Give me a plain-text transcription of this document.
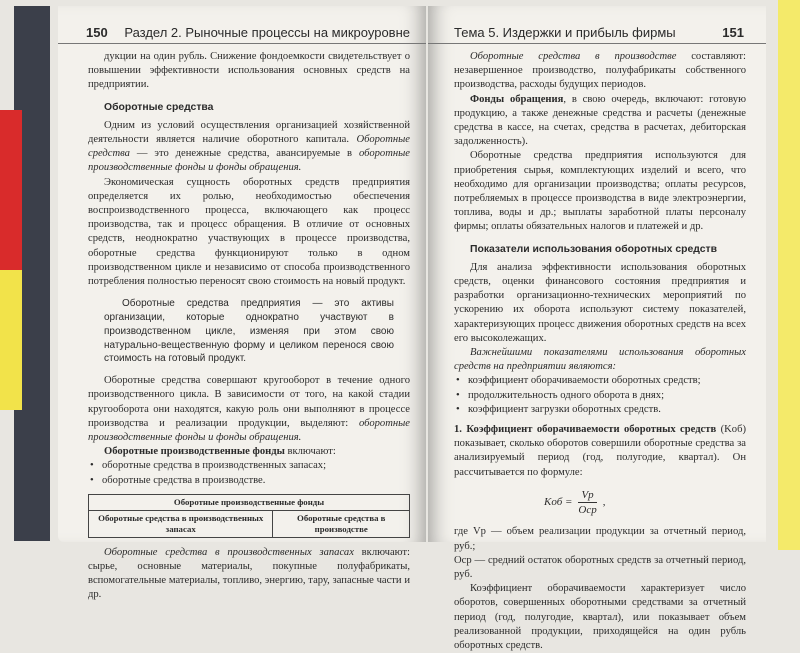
150 Раздел 2. Рыночные процессы на микроуровне

дукции на один рубль. Снижение фондоемкости свидетельствует о повышении эффективности использования основных средств на предприятии.

Оборотные средства

Одним из условий осуществления организацией хозяйственной деятельности является наличие оборотного капитала. Оборотные средства — это денежные средства, авансируемые в оборотные производственные фонды и фонды обращения.

Экономическая сущность оборотных средств предприятия определяется их ролью, необходимостью обеспечения воспроизводственного процесса, включающего как процесс производства, так и процесс обращения. В отличие от основных средств, неоднократно участвующих в процессе производства, оборотные средства функционируют только в одном производственном цикле и независимо от способа производственного потребления полностью переносят свою стоимость на новый продукт.

Оборотные средства предприятия — это активы организации, которые однократно участвуют в производственном цикле, изменяя при этом свою натурально-вещественную форму и целиком перенося свою стоимость на готовый продукт.

Оборотные средства совершают кругооборот в течение одного производственного цикла. В зависимости от того, на какой стадии кругооборота они находятся, какую роль они выполняют в процессе производства и реализации продукции, выделяют: оборотные производственные фонды и фонды обращения.

Оборотные производственные фонды включают:

• оборотные средства в производственных запасах;
• оборотные средства в производстве.
Оборотные производственные фонды
Оборотные средства в производственных запасах	Оборотные средства в производстве

Оборотные средства в производственных запасах включают: сырье, основные материалы, покупные полуфабрикаты, вспомогательные материалы, топливо, энергию, тару, запасные части и др.

Тема 5. Издержки и прибыль фирмы	151

Оборотные средства в производстве составляют: незавершенное производство, полуфабрикаты собственного производства, расходы будущих периодов.

Фонды обращения, в свою очередь, включают: готовую продукцию, а также денежные средства и расчеты (денежные средства в кассе, на счетах, средства в расчетах, дебиторская задолженность).

Оборотные средства предприятия используются для приобретения сырья, комплектующих изделий и всего, что необходимо для организации производства; оплаты ресурсов, потребляемых в процессе производства в виде электроэнергии, топлива, воды и др.; выплаты заработной платы персоналу фирмы; оплаты обязательных налогов и платежей и др.

Показатели использования оборотных средств

Для анализа эффективности использования оборотных средств, оценки финансового состояния предприятия и разработки организационно-технических мероприятий по ускорению их оборота используют систему показателей, характеризующих процесс движения оборотных средств на всех его высоколежащих.

Важнейшими показателями использования оборотных средств на предприятии являются:

• коэффициент оборачиваемости оборотных средств;
• продолжительность одного оборота в днях;
• коэффициент загрузки оборотных средств.

1. Коэффициент оборачиваемости оборотных средств (Kоб) показывает, сколько оборотов совершили оборотные средства за анализируемый период (год, полугодие, квартал). Он рассчитывается по формуле:

Kоб = $\frac{Vр}{\text{Оср}}$ ,

где Vр — объем реализации продукции за отчетный период, руб.;

Оср — средний остаток оборотных средств за отчетный период, руб.

Коэффициент оборачиваемости характеризует число оборотов, совершенных оборотными средствами за отчетный период (год, полугодие, квартал), или показывает объем реализованной продукции, приходящейся на один рубль оборотных средств.
